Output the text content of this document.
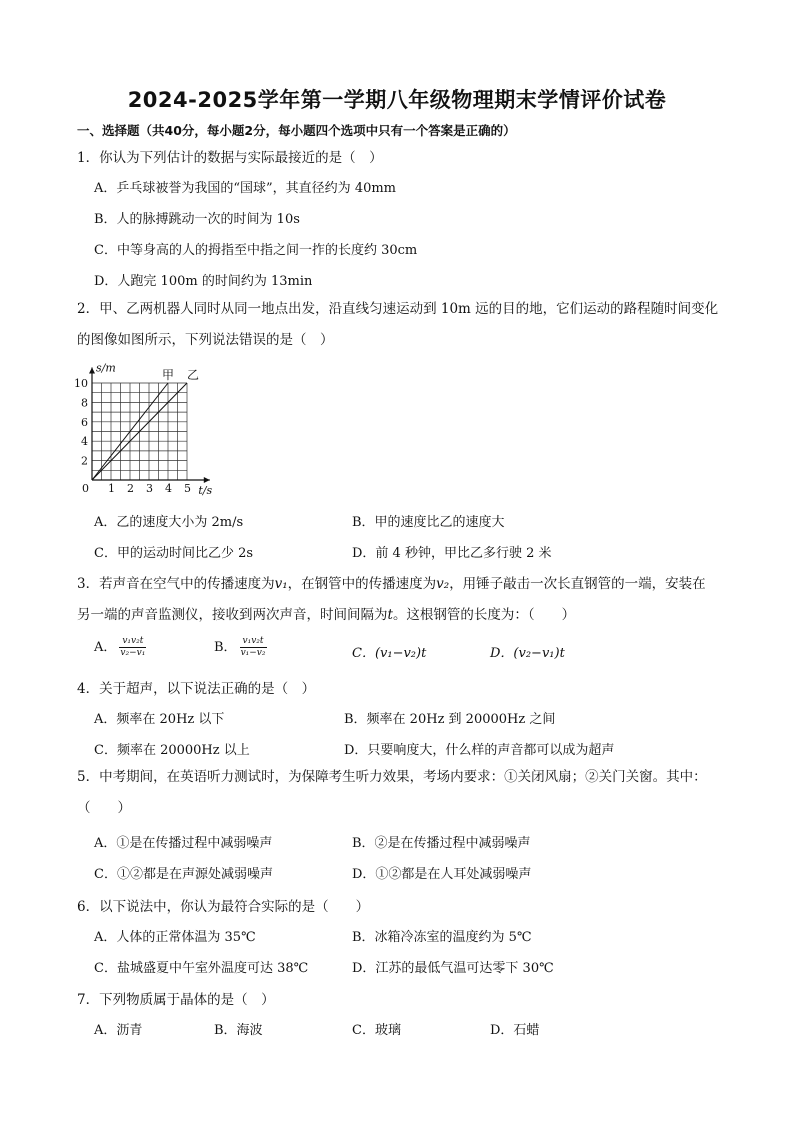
2024-2025学年第一学期八年级物理期末学情评价试卷
一、选择题（共40分，每小题2分，每小题四个选项中只有一个答案是正确的）
1．你认为下列估计的数据与实际最接近的是（　）
A．乒乓球被誉为我国的“国球”，其直径约为 40mm
B．人的脉搏跳动一次的时间为 10s
C．中等身高的人的拇指至中指之间一拃的长度约 30cm
D．人跑完 100m 的时间约为 13min
2．甲、乙两机器人同时从同一地点出发，沿直线匀速运动到 10m 远的目的地，它们运动的路程随时间变化的图像如图所示，下列说法错误的是（　）
0 1 2 3 4 5
2
4
6
8
10
甲 乙
t/s
s/m
A．乙的速度大小为 2m/s	B．甲的速度比乙的速度大
C．甲的运动时间比乙少 2s	D．前 4 秒钟，甲比乙多行驶 2 米
3．若声音在空气中的传播速度为v₁，在钢管中的传播速度为v₂，用锤子敲击一次长直钢管的一端，安装在
另一端的声音监测仪，接收到两次声音，时间间隔为t。这根钢管的长度为：（　　）
A． $\frac{\text{v₁v₂t}}{\text{v₂−v₁}}$	B． $\frac{\text{v₁v₂t}}{\text{v₁−v₂}}$	C．(v₁−v₂)t	D．(v₂−v₁)t
4．关于超声，以下说法正确的是（　）
A．频率在 20Hz 以下	B．频率在 20Hz 到 20000Hz 之间
C．频率在 20000Hz 以上	D．只要响度大，什么样的声音都可以成为超声
5．中考期间，在英语听力测试时，为保障考生听力效果，考场内要求：①关闭风扇；②关门关窗。其中：（　　）
A．①是在传播过程中减弱噪声	B．②是在传播过程中减弱噪声
C．①②都是在声源处减弱噪声	D．①②都是在人耳处减弱噪声
6．以下说法中，你认为最符合实际的是（　　）
A．人体的正常体温为 35℃	B．冰箱冷冻室的温度约为 5℃
C．盐城盛夏中午室外温度可达 38℃	D．江苏的最低气温可达零下 30℃
7．下列物质属于晶体的是（　）
A．沥青	B．海波	C．玻璃	D．石蜡
